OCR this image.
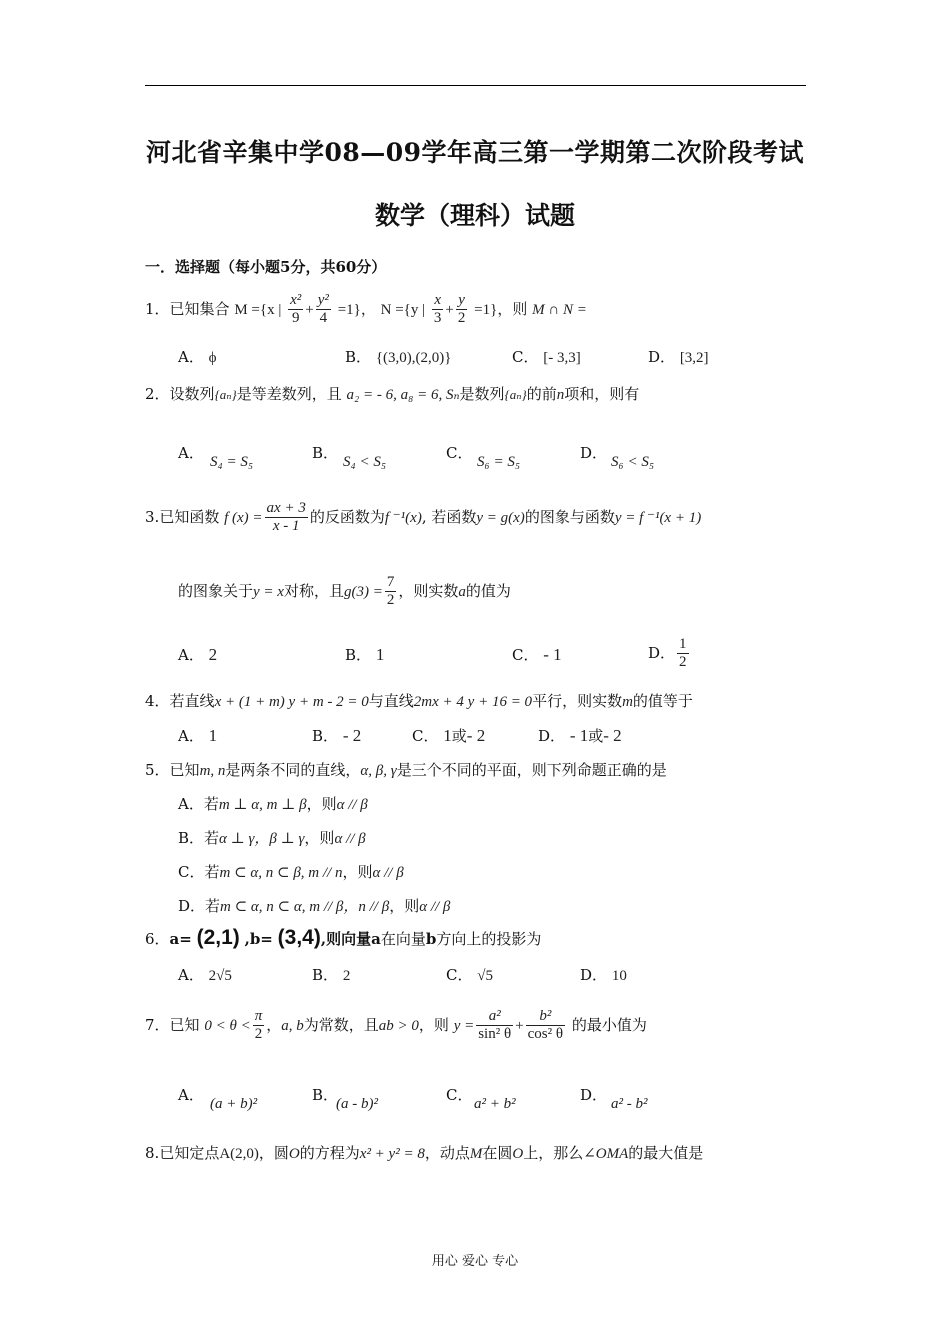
河北省辛集中学08—09学年高三第一学期第二次阶段考试
数学（理科）试题
一．选择题（每小题5分，共60分）
1．已知集合 M ={x | $\frac{\text{x²}}{9} + \frac{\text{y²}}{4} =1$}， N ={y | $\frac{x}{3} + \frac{y}{2} =1$}，则 M ∩ N =
A． ϕ	B． {(3,0),(2,0)}	C． [- 3,3]	D． [3,2]
2．设数列{aₙ}是等差数列，且 a₂ = - 6, a₈ = 6, Sₙ是数列{aₙ}的前n项和，则有
A． S₄ = S₅	B． S₄ < S₅	C． S₆ = S₅	D． S₆ < S₅
3.已知函数 f $(x) = \frac{ax + 3}{x - 1}$ 的反函数为f ⁻¹(x), 若函数y = g(x)的图象与函数y = f ⁻¹(x + 1)
的图象关于y = x对称，且$g(3) = \frac{7}{2}$ ，则实数a的值为
A． 2	B． 1	C． - 1	D． $\frac{1}{2}$
4．若直线x + (1 + m) y + m - 2 = 0与直线2mx + 4 y + 16 = 0平行，则实数m的值等于
A． 1	B． - 2	C． 1或- 2	D． - 1或- 2
5．已知m, n是两条不同的直线，α, β, γ是三个不同的平面，则下列命题正确的是
A．若m ⊥ α, m ⊥ β，则α // β
B．若α ⊥ γ，β ⊥ γ，则α // β
C．若m ⊂ α, n ⊂ β, m // n，则α // β
D．若m ⊂ α, n ⊂ α, m // β，n // β，则α // β
6．a= (2,1) ,b= (3,4),则向量a在向量b方向上的投影为
A． 2√5	B． 2	C． √5	D． 10
7．已知 $0 < \theta < \frac{\pi}{2}$ ，a, b为常数，且ab > 0，则 $y = \frac{\text{a²}}{\text{sin² θ}} + \frac{\text{b²}}{\text{cos² θ}}$ 的最小值为
A． (a + b)²	B．
(a - b)²	C． a² + b²	D． a² - b²
8.已知定点A(2,0)，圆O的方程为x² + y² = 8，动点M在圆O上，那么∠OMA的最大值是
用心 爱心 专心
